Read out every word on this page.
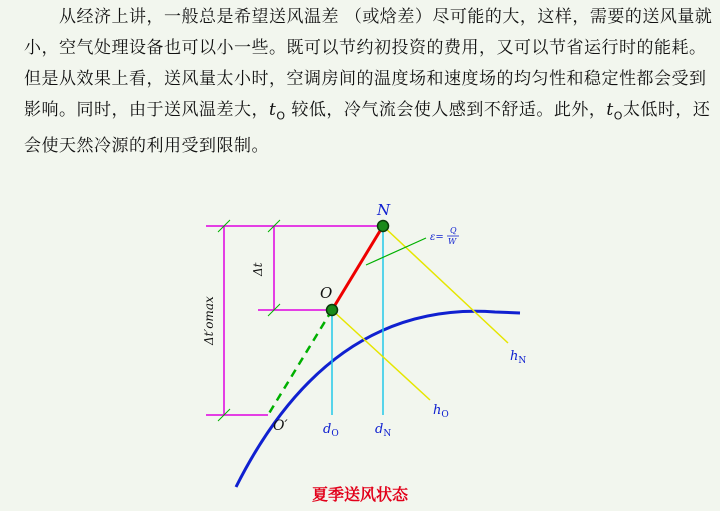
　　从经济上讲，一般总是希望送风温差 （或焓差）尽可能的大，这样，需要的送风量就小，空气处理设备也可以小一些。既可以节约初投资的费用，又可以节省运行时的能耗。但是从效果上看，送风量太小时，空调房间的温度场和速度场的均匀性和稳定性都会受到影响。同时，由于送风温差大，$t_O$ 较低，冷气流会使人感到不舒适。此外，$t_O$太低时，还会使天然冷源的利用受到限制。
N
O
O′
ε=
Q
W
Δt
Δt′omax
$h_N$
$h_O$
$d_O$	$d_N$
夏季送风状态
